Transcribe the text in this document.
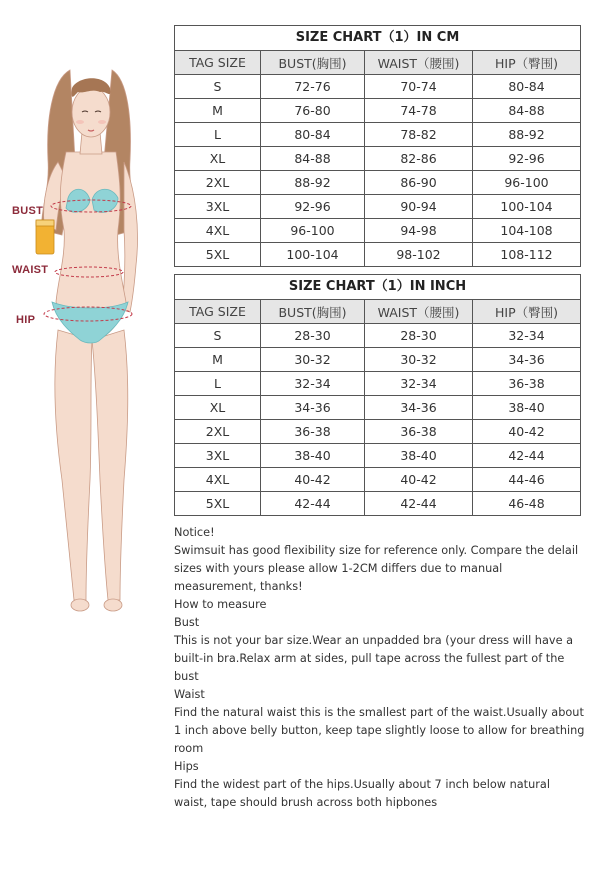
BUST
WAIST
HIP
SIZE CHART（1）IN CM
TAG SIZE	BUST(胸围)	WAIST（腰围)	HIP（臀围)
S	72-76	70-74	80-84
M	76-80	74-78	84-88
L	80-84	78-82	88-92
XL	84-88	82-86	92-96
2XL	88-92	86-90	96-100
3XL	92-96	90-94	100-104
4XL	96-100	94-98	104-108
5XL	100-104	98-102	108-112
SIZE CHART（1）IN INCH
TAG SIZE	BUST(胸围)	WAIST（腰围)	HIP（臀围)
S	28-30	28-30	32-34
M	30-32	30-32	34-36
L	32-34	32-34	36-38
XL	34-36	34-36	38-40
2XL	36-38	36-38	40-42
3XL	38-40	38-40	42-44
4XL	40-42	40-42	44-46
5XL	42-44	42-44	46-48

Notice!

Swimsuit has good flexibility size for reference only. Compare the delail sizes with yours please allow 1-2CM differs due to manual measurement, thanks!

How to measure

Bust

This is not your bar size.Wear an unpadded bra (your dress will have a built-in bra.Relax arm at sides, pull tape across the fullest part of the bust

Waist

Find the natural waist this is the smallest part of the waist.Usually about 1 inch above belly button, keep tape slightly loose to allow for breathing room

Hips

Find the widest part of the hips.Usually about 7 inch below natural waist, tape should brush across both hipbones
